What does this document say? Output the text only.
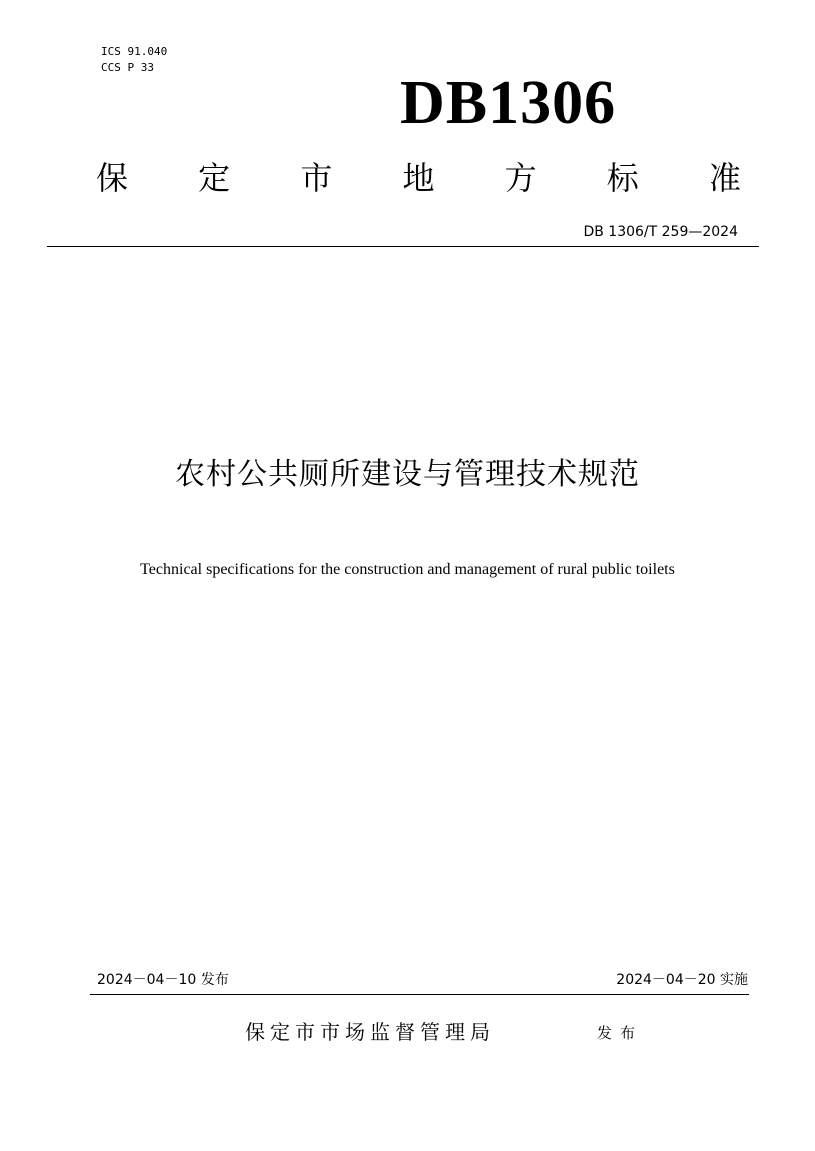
ICS 91.040
CCS P 33
DB1306
保 定 市 地 方 标 准
DB 1306/T 259—2024
农村公共厕所建设与管理技术规范
Technical specifications for the construction and management of rural public toilets
2024－04－10 发布	2024－04－20 实施
保定市市场监督管理局	发布
